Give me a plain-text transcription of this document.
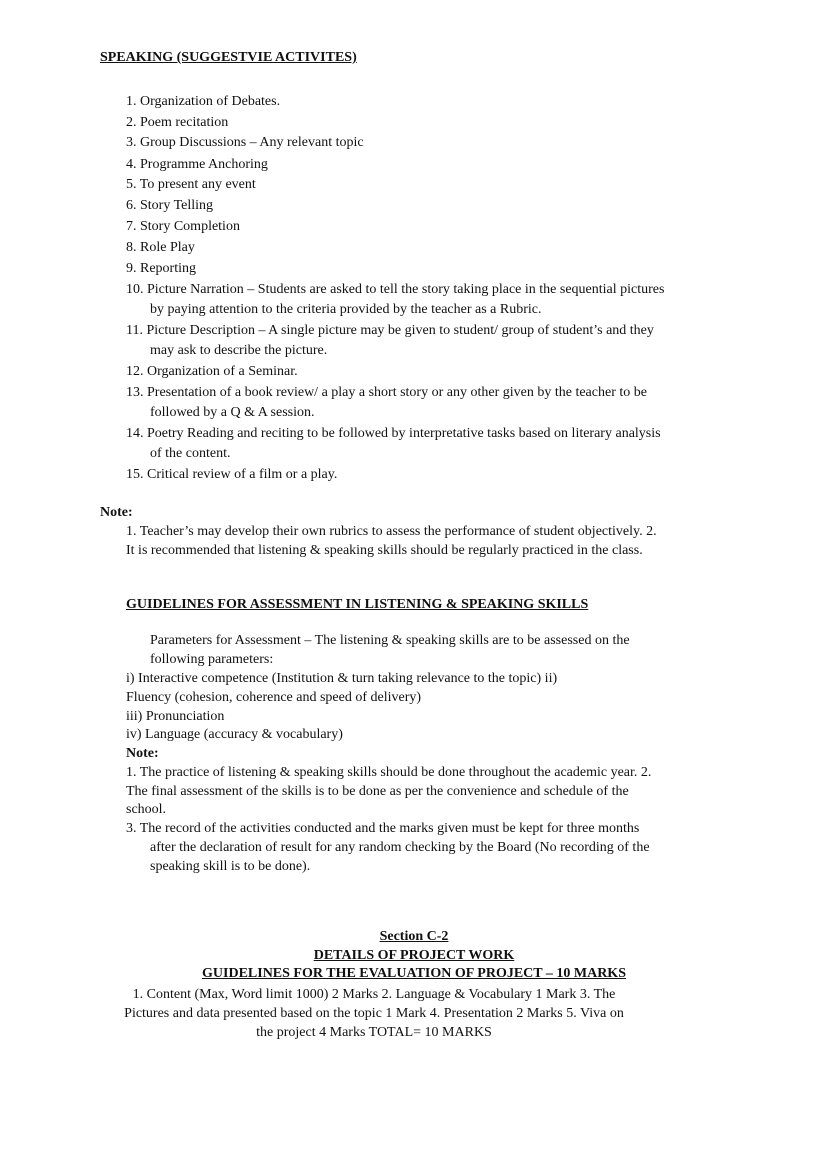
SPEAKING (SUGGESTVIE ACTIVITES)
1. Organization of Debates.
2. Poem recitation
3. Group Discussions – Any relevant topic
4. Programme Anchoring
5. To present any event
6. Story Telling
7. Story Completion
8. Role Play
9. Reporting
10. Picture Narration – Students are asked to tell the story taking place in the sequential pictures
by paying attention to the criteria provided by the teacher as a Rubric.
11. Picture Description – A single picture may be given to student/ group of student’s and they
may ask to describe the picture.
12. Organization of a Seminar.
13. Presentation of a book review/ a play a short story or any other given by the teacher to be
followed by a Q & A session.
14. Poetry Reading and reciting to be followed by interpretative tasks based on literary analysis
of the content.
15. Critical review of a film or a play.
Note:
1. Teacher’s may develop their own rubrics to assess the performance of student objectively. 2.
It is recommended that listening & speaking skills should be regularly practiced in the class.
GUIDELINES FOR ASSESSMENT IN LISTENING & SPEAKING SKILLS
Parameters for Assessment – The listening & speaking skills are to be assessed on the
following parameters:
i) Interactive competence (Institution & turn taking relevance to the topic) ii)
Fluency (cohesion, coherence and speed of delivery)
iii) Pronunciation
iv) Language (accuracy & vocabulary)
Note:
1. The practice of listening & speaking skills should be done throughout the academic year. 2.
The final assessment of the skills is to be done as per the convenience and schedule of the
school.
3. The record of the activities conducted and the marks given must be kept for three months
after the declaration of result for any random checking by the Board (No recording of the
speaking skill is to be done).
Section C-2
DETAILS OF PROJECT WORK
GUIDELINES FOR THE EVALUATION OF PROJECT – 10 MARKS
1. Content (Max, Word limit 1000) 2 Marks 2. Language & Vocabulary 1 Mark 3. The
Pictures and data presented based on the topic 1 Mark 4. Presentation 2 Marks 5. Viva on
the project 4 Marks TOTAL= 10 MARKS
